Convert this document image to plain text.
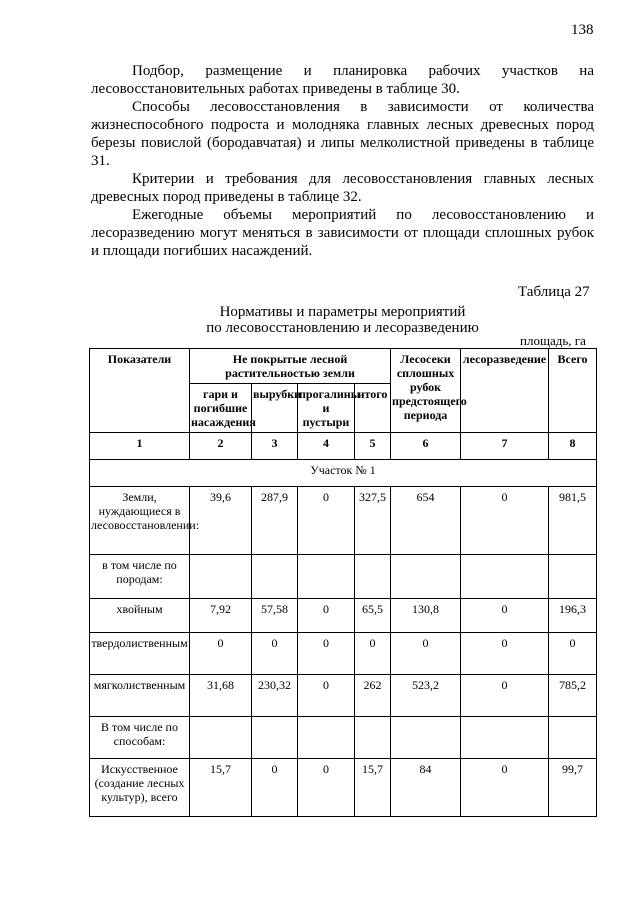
138

Подбор, размещение и планировка рабочих участков на лесовосстановительных работах приведены в таблице 30.

Способы лесовосстановления в зависимости от количества жизнеспособного подроста и молодняка главных лесных древесных пород березы повислой (бородавчатая) и липы мелколистной приведены в таблице 31.

Критерии и требования для лесовосстановления главных лесных древесных пород приведены в таблице 32.

Ежегодные объемы мероприятий по лесовосстановлению и лесоразведению могут меняться в зависимости от площади сплошных рубок и площади погибших насаждений.

Таблица 27
Нормативы и параметры мероприятий
по лесовосстановлению и лесоразведению
площадь, га
Показатели	Не покрытые лесной растительностью земли				Лесосеки сплошных рубок предстоящего периода	лесоразведение	Всего
	гари и погибшие насаждения	вырубки	прогалины и пустыри	итого			
1	2	3	4	5	6	7	8
Участок № 1							
Земли, нуждающиеся в лесовосстановлении:	39,6	287,9	0	327,5	654	0	981,5
в том числе по породам:							
хвойным	7,92	57,58	0	65,5	130,8	0	196,3
твердолиственным	0	0	0	0	0	0	0
мягколиственным	31,68	230,32	0	262	523,2	0	785,2
В том числе по способам:							
Искусственное (создание лесных культур), всего	15,7	0	0	15,7	84	0	99,7
